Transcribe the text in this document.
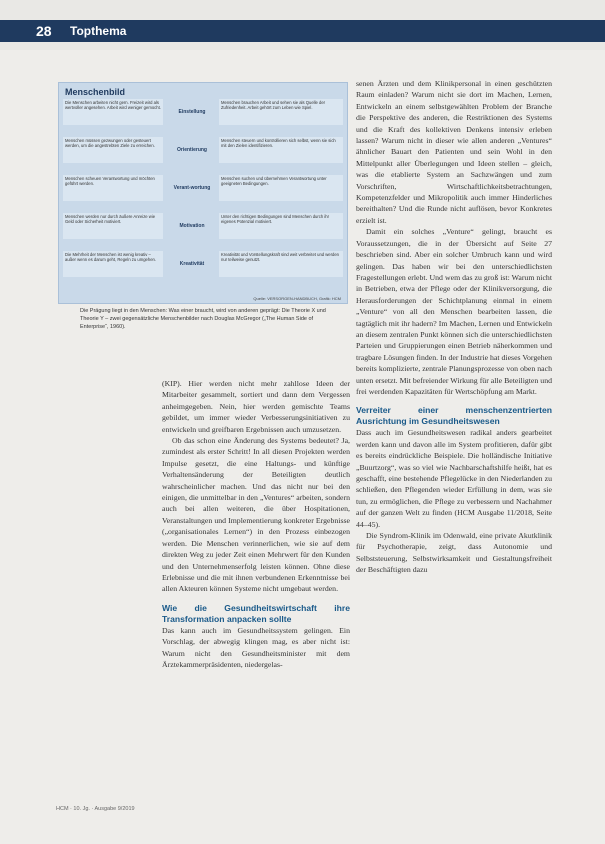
28 Topthema
Menschenbild
Die Menschen arbeiten nicht gern. Freizeit wird als wertvoller angesehen. Arbeit wird weniger gemocht.
Einstellung
Menschen brauchen Arbeit und sehen sie als Quelle der Zufriedenheit. Arbeit gehört zum Leben wie Spiel.
Menschen müssen gezwungen oder gesteuert werden, um die angestrebten Ziele zu erreichen.
Orientierung
Menschen steuern und kontrollieren sich selbst, wenn sie sich mit den Zielen identifizieren.
Menschen scheuen Verantwortung und möchten geführt werden.
Verant-wortung
Menschen suchen und übernehmen Verantwortung unter geeigneten Bedingungen.
Menschen werden nur durch äußere Anreize wie Geld oder Sicherheit motiviert.
Motivation
Unter den richtigen Bedingungen sind Menschen durch ihr eigenes Potenzial motiviert.
Die Mehrheit der Menschen ist wenig kreativ – außer wenn es darum geht, Regeln zu umgehen.
Kreativität
Kreativität und Vorstellungskraft sind weit verbreitet und werden nur teilweise genutzt.
Quelle: VERSORGEN-HANDBUCH, Grafik: HCM
Die Prägung liegt in den Menschen: Was einer braucht, wird von anderen geprägt: Die Theorie X und Theorie Y – zwei gegensätzliche Menschenbilder nach Douglas McGregor („The Human Side of Enterprise“, 1960).

(KIP). Hier werden nicht mehr zahllose Ideen der Mitarbeiter gesammelt, sortiert und dann dem Vergessen anheimgegeben. Nein, hier werden gemischte Teams gebildet, um immer wieder Verbesserungsinitiativen zu entwickeln und greifbaren Ergebnissen auch umzusetzen.

Ob das schon eine Änderung des Systems bedeutet? Ja, zumindest als erster Schritt! In all diesen Projekten werden Impulse gesetzt, die eine Haltungs- und künftige Verhaltensänderung der Beteiligten deutlich wahrscheinlicher machen. Und das nicht nur bei den einigen, die unmittelbar in den „Ventures“ arbeiten, sondern auch bei allen weiteren, die über Hospitationen, Veranstaltungen und Implementierung konkreter Ergebnisse („organisationales Lernen“) in den Prozess einbezogen werden. Die Menschen verinnerlichen, wie sie auf dem direkten Weg zu jeder Zeit einen Mehrwert für den Kunden und den Unternehmenserfolg leisten können. Ohne diese Erlebnisse und die mit ihnen verbundenen Erkenntnisse bei allen Akteuren können Systeme nicht umgebaut werden.

Wie die Gesundheitswirtschaft ihre Transformation anpacken sollte

Das kann auch im Gesundheitssystem gelingen. Ein Vorschlag, der abwegig klingen mag, es aber nicht ist: Warum nicht den Gesundheitsminister mit dem Ärztekammerpräsidenten, niedergelas-

senen Ärzten und dem Klinikpersonal in einen geschützten Raum einladen? Warum nicht sie dort im Machen, Lernen, Entwickeln an einem selbstgewählten Problem der Branche die Perspektive des anderen, die Restriktionen des Systems und die Kraft des kollektiven Denkens intensiv erleben lassen? Warum nicht in dieser wie allen anderen „Ventures“ ähnlicher Bauart den Patienten und sein Wohl in den Mittelpunkt aller Überlegungen und Ideen stellen – gleich, was die etablierte System an Sachzwängen und zum Vorschriften, Wirtschaftlichkeitsbetrachtungen, Kompetenzfelder und Mikropolitik auch immer Hinderliches bereithalten? Und die Runde nicht auflösen, bevor Konkretes erzielt ist.

Damit ein solches „Venture“ gelingt, braucht es Voraussetzungen, die in der Übersicht auf Seite 27 beschrieben sind. Aber ein solcher Umbruch kann und wird gelingen. Das haben wir bei den unterschiedlichsten Fragestellungen erlebt. Und wem das zu groß ist: Warum nicht in Betrieben, etwa der Pflege oder der Klinikversorgung, die Herausforderungen der Schichtplanung einmal in einem „Venture“ von all den Menschen bearbeiten lassen, die tagtäglich mit ihr hadern? Im Machen, Lernen und Entwickeln an diesem zentralen Punkt können sich die unterschiedlichsten Parteien und Gruppierungen einen Betrieb näherkommen und tragbare Lösungen finden. In der Industrie hat dieses Vorgehen bereits komplizierte, zentrale Planungsprozesse von oben nach unten ersetzt. Mit befreiender Wirkung für alle Beteiligten und frei werdenden Kapazitäten für Wertschöpfung am Markt.

Verreiter einer menschenzentrierten Ausrichtung im Gesundheitswesen

Dass auch im Gesundheitswesen radikal anders gearbeitet werden kann und davon alle im System profitieren, dafür gibt es bereits eindrückliche Beispiele. Die holländische Initiative „Buurtzorg“, was so viel wie Nachbarschaftshilfe heißt, hat es geschafft, eine bestehende Pflegelücke in den Niederlanden zu schließen, den Pflegenden wieder Erfüllung in dem, was sie tun, zu ermöglichen, die Pflege zu verbessern und Nachahmer auf der ganzen Welt zu finden (HCM Ausgabe 11/2018, Seite 44–45).

Die Syndrom-Klinik im Odenwald, eine private Akutklinik für Psychotherapie, zeigt, dass Autonomie und Selbststeuerung, Selbstwirksamkeit und Gestaltungsfreiheit der Beschäftigten dazu

HCM · 10. Jg. · Ausgabe 9/2019
